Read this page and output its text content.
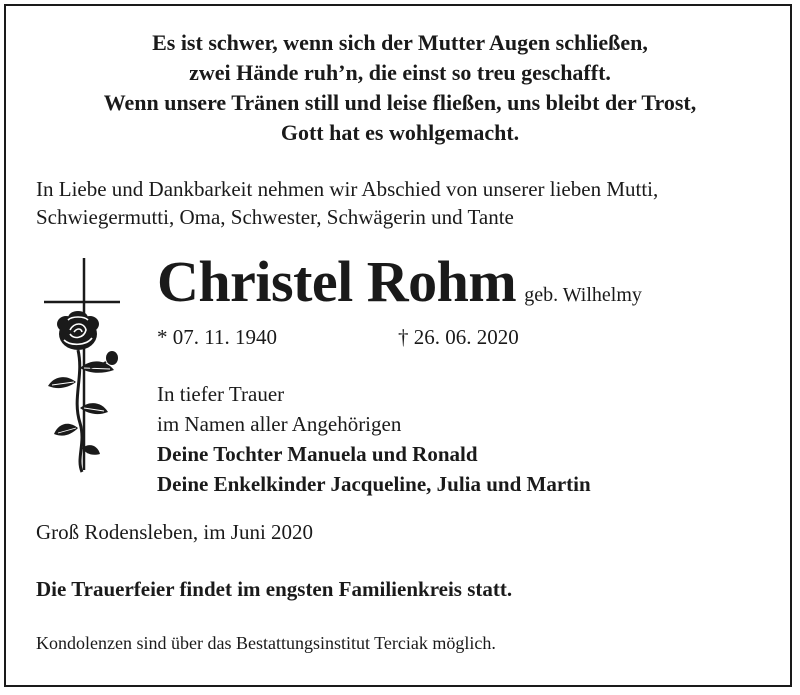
Es ist schwer, wenn sich der Mutter Augen schließen,
zwei Hände ruh’n, die einst so treu geschafft.
Wenn unsere Tränen still und leise fließen, uns bleibt der Trost,
Gott hat es wohlgemacht.
In Liebe und Dankbarkeit nehmen wir Abschied von unserer lieben Mutti,
Schwiegermutti, Oma, Schwester, Schwägerin und Tante
Christel Rohm geb. Wilhelmy
* 07. 11. 1940	† 26. 06. 2020
In tiefer Trauer
im Namen aller Angehörigen
Deine Tochter Manuela und Ronald
Deine Enkelkinder Jacqueline, Julia und Martin
Groß Rodensleben, im Juni 2020
Die Trauerfeier findet im engsten Familienkreis statt.
Kondolenzen sind über das Bestattungsinstitut Terciak möglich.
